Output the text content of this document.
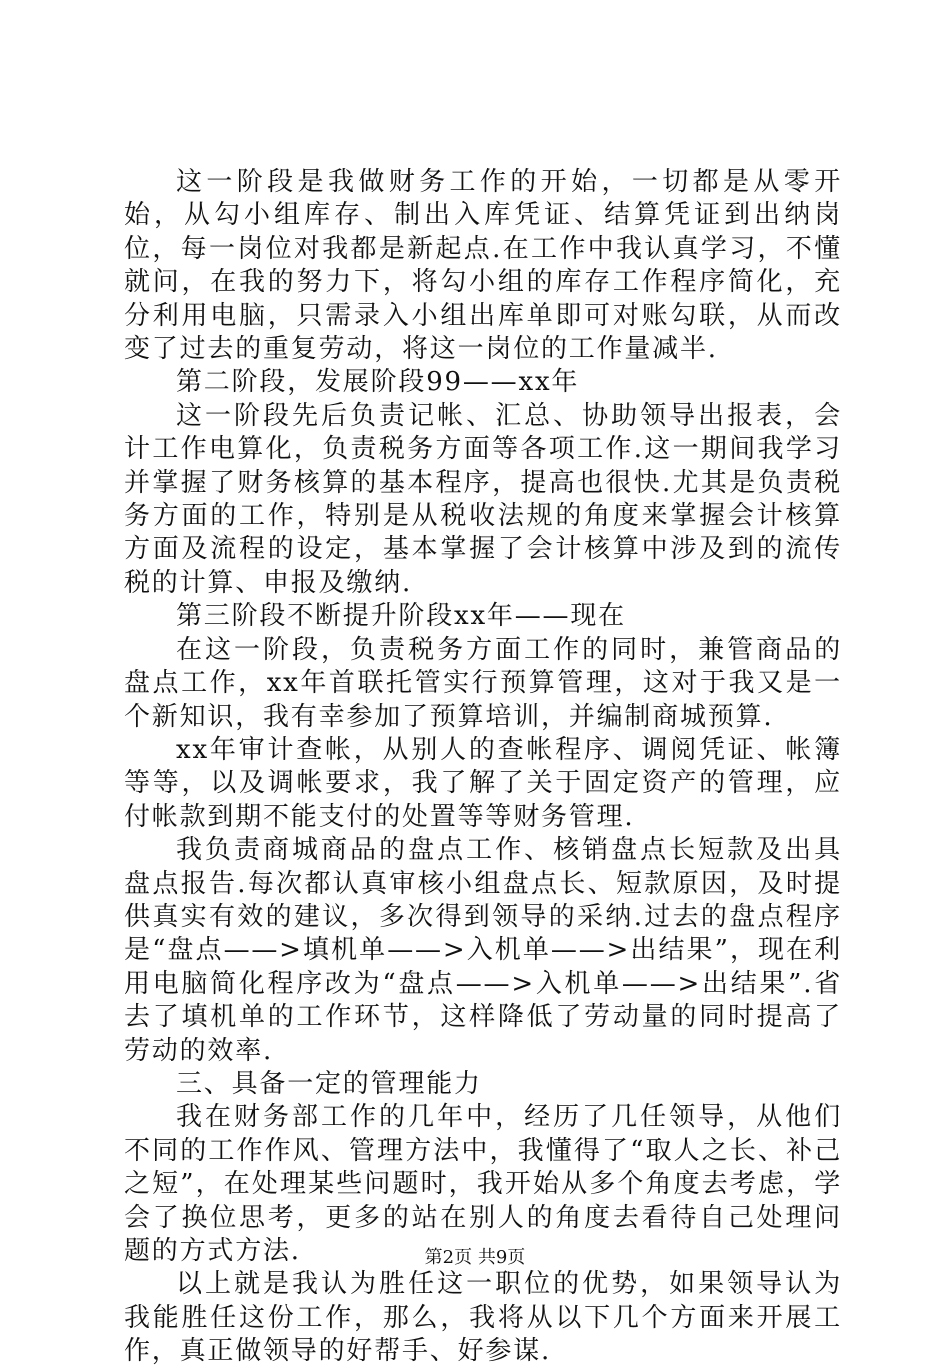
这一阶段是我做财务工作的开始，一切都是从零开始，从勾小组库存、制出入库凭证、结算凭证到出纳岗位，每一岗位对我都是新起点.在工作中我认真学习，不懂就问，在我的努力下，将勾小组的库存工作程序简化，充分利用电脑，只需录入小组出库单即可对账勾联，从而改变了过去的重复劳动，将这一岗位的工作量减半.

第二阶段，发展阶段99——xx年

这一阶段先后负责记帐、汇总、协助领导出报表，会计工作电算化，负责税务方面等各项工作.这一期间我学习并掌握了财务核算的基本程序，提高也很快.尤其是负责税务方面的工作，特别是从税收法规的角度来掌握会计核算方面及流程的设定，基本掌握了会计核算中涉及到的流传税的计算、申报及缴纳.

第三阶段不断提升阶段xx年——现在

在这一阶段，负责税务方面工作的同时，兼管商品的盘点工作，xx年首联托管实行预算管理，这对于我又是一个新知识，我有幸参加了预算培训，并编制商城预算.

xx年审计查帐，从别人的查帐程序、调阅凭证、帐簿等等，以及调帐要求，我了解了关于固定资产的管理，应付帐款到期不能支付的处置等等财务管理.

我负责商城商品的盘点工作、核销盘点长短款及出具盘点报告.每次都认真审核小组盘点长、短款原因，及时提供真实有效的建议，多次得到领导的采纳.过去的盘点程序是“盘点——>填机单——>入机单——>出结果”，现在利用电脑简化程序改为“盘点——>入机单——>出结果”.省去了填机单的工作环节，这样降低了劳动量的同时提高了劳动的效率.

三、具备一定的管理能力

我在财务部工作的几年中，经历了几任领导，从他们不同的工作作风、管理方法中，我懂得了“取人之长、补己之短”，在处理某些问题时，我开始从多个角度去考虑，学会了换位思考，更多的站在别人的角度去看待自己处理问题的方式方法.

以上就是我认为胜任这一职位的优势，如果领导认为我能胜任这份工作，那么，我将从以下几个方面来开展工作，真正做领导的好帮手、好参谋.

第2页 共9页
